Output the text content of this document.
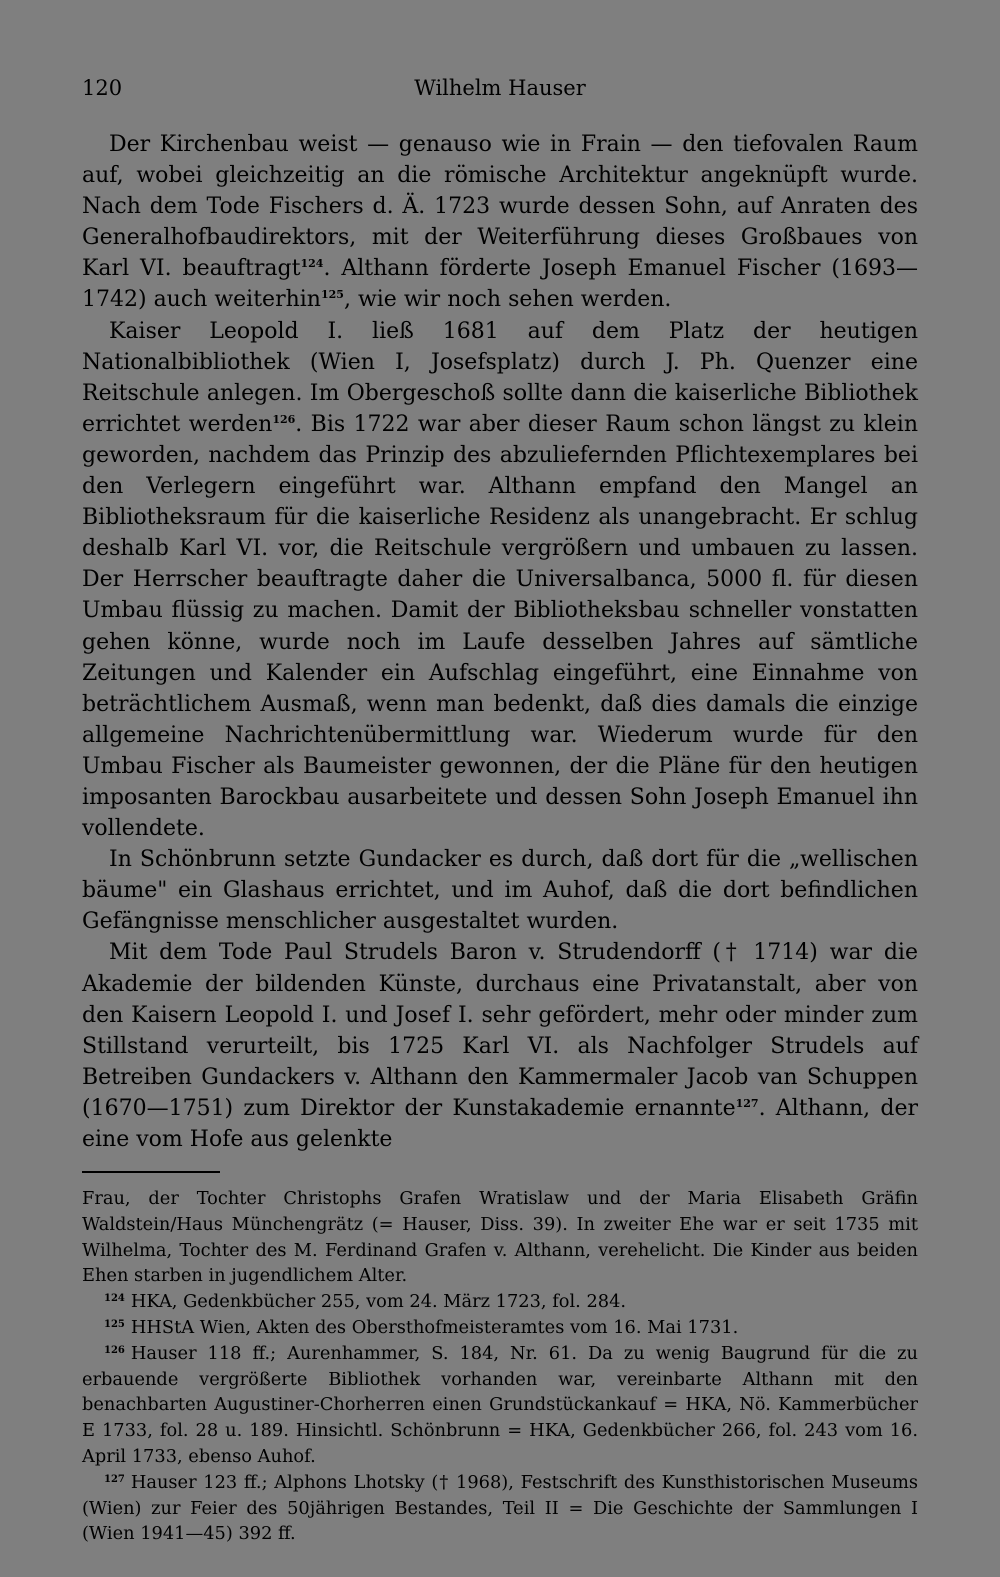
120	Wilhelm Hauser

Der Kirchenbau weist — genauso wie in Frain — den tiefovalen Raum auf, wobei gleichzeitig an die römische Architektur angeknüpft wurde. Nach dem Tode Fischers d. Ä. 1723 wurde dessen Sohn, auf Anraten des Generalhofbaudirektors, mit der Weiterführung dieses Großbaues von Karl VI. beauftragt$^{124}$. Althann förderte Joseph Emanuel Fischer (1693—1742) auch weiterhin$^{125}$, wie wir noch sehen werden.

Kaiser Leopold I. ließ 1681 auf dem Platz der heutigen Nationalbibliothek (Wien I, Josefsplatz) durch J. Ph. Quenzer eine Reitschule anlegen. Im Obergeschoß sollte dann die kaiserliche Bibliothek errichtet werden$^{126}$. Bis 1722 war aber dieser Raum schon längst zu klein geworden, nachdem das Prinzip des abzuliefernden Pflichtexemplares bei den Verlegern eingeführt war. Althann empfand den Mangel an Bibliotheksraum für die kaiserliche Residenz als unangebracht. Er schlug deshalb Karl VI. vor, die Reitschule vergrößern und umbauen zu lassen. Der Herrscher beauftragte daher die Universalbanca, 5000 fl. für diesen Umbau flüssig zu machen. Damit der Bibliotheksbau schneller vonstatten gehen könne, wurde noch im Laufe desselben Jahres auf sämtliche Zeitungen und Kalender ein Aufschlag eingeführt, eine Einnahme von beträchtlichem Ausmaß, wenn man bedenkt, daß dies damals die einzige allgemeine Nachrichtenübermittlung war. Wiederum wurde für den Umbau Fischer als Baumeister gewonnen, der die Pläne für den heutigen imposanten Barockbau ausarbeitete und dessen Sohn Joseph Emanuel ihn vollendete.

In Schönbrunn setzte Gundacker es durch, daß dort für die „wellischen bäume" ein Glashaus errichtet, und im Auhof, daß die dort befindlichen Gefängnisse menschlicher ausgestaltet wurden.

Mit dem Tode Paul Strudels Baron v. Strudendorff († 1714) war die Akademie der bildenden Künste, durchaus eine Privatanstalt, aber von den Kaisern Leopold I. und Josef I. sehr gefördert, mehr oder minder zum Stillstand verurteilt, bis 1725 Karl VI. als Nachfolger Strudels auf Betreiben Gundackers v. Althann den Kammermaler Jacob van Schuppen (1670—1751) zum Direktor der Kunstakademie ernannte$^{127}$. Althann, der eine vom Hofe aus gelenkte

Frau, der Tochter Christophs Grafen Wratislaw und der Maria Elisabeth Gräfin Waldstein/Haus Münchengrätz (= Hauser, Diss. 39). In zweiter Ehe war er seit 1735 mit Wilhelma, Tochter des M. Ferdinand Grafen v. Althann, verehelicht. Die Kinder aus beiden Ehen starben in jugendlichem Alter.

$^{124}$ HKA, Gedenkbücher 255, vom 24. März 1723, fol. 284.

$^{125}$ HHStA Wien, Akten des Obersthofmeisteramtes vom 16. Mai 1731.

$^{126}$ Hauser 118 ff.; Aurenhammer, S. 184, Nr. 61. Da zu wenig Baugrund für die zu erbauende vergrößerte Bibliothek vorhanden war, vereinbarte Althann mit den benachbarten Augustiner-Chorherren einen Grundstückankauf = HKA, Nö. Kammerbücher E 1733, fol. 28 u. 189. Hinsichtl. Schönbrunn = HKA, Gedenkbücher 266, fol. 243 vom 16. April 1733, ebenso Auhof.

$^{127}$ Hauser 123 ff.; Alphons Lhotsky († 1968), Festschrift des Kunsthistorischen Museums (Wien) zur Feier des 50jährigen Bestandes, Teil II = Die Geschichte der Sammlungen I (Wien 1941—45) 392 ff.
